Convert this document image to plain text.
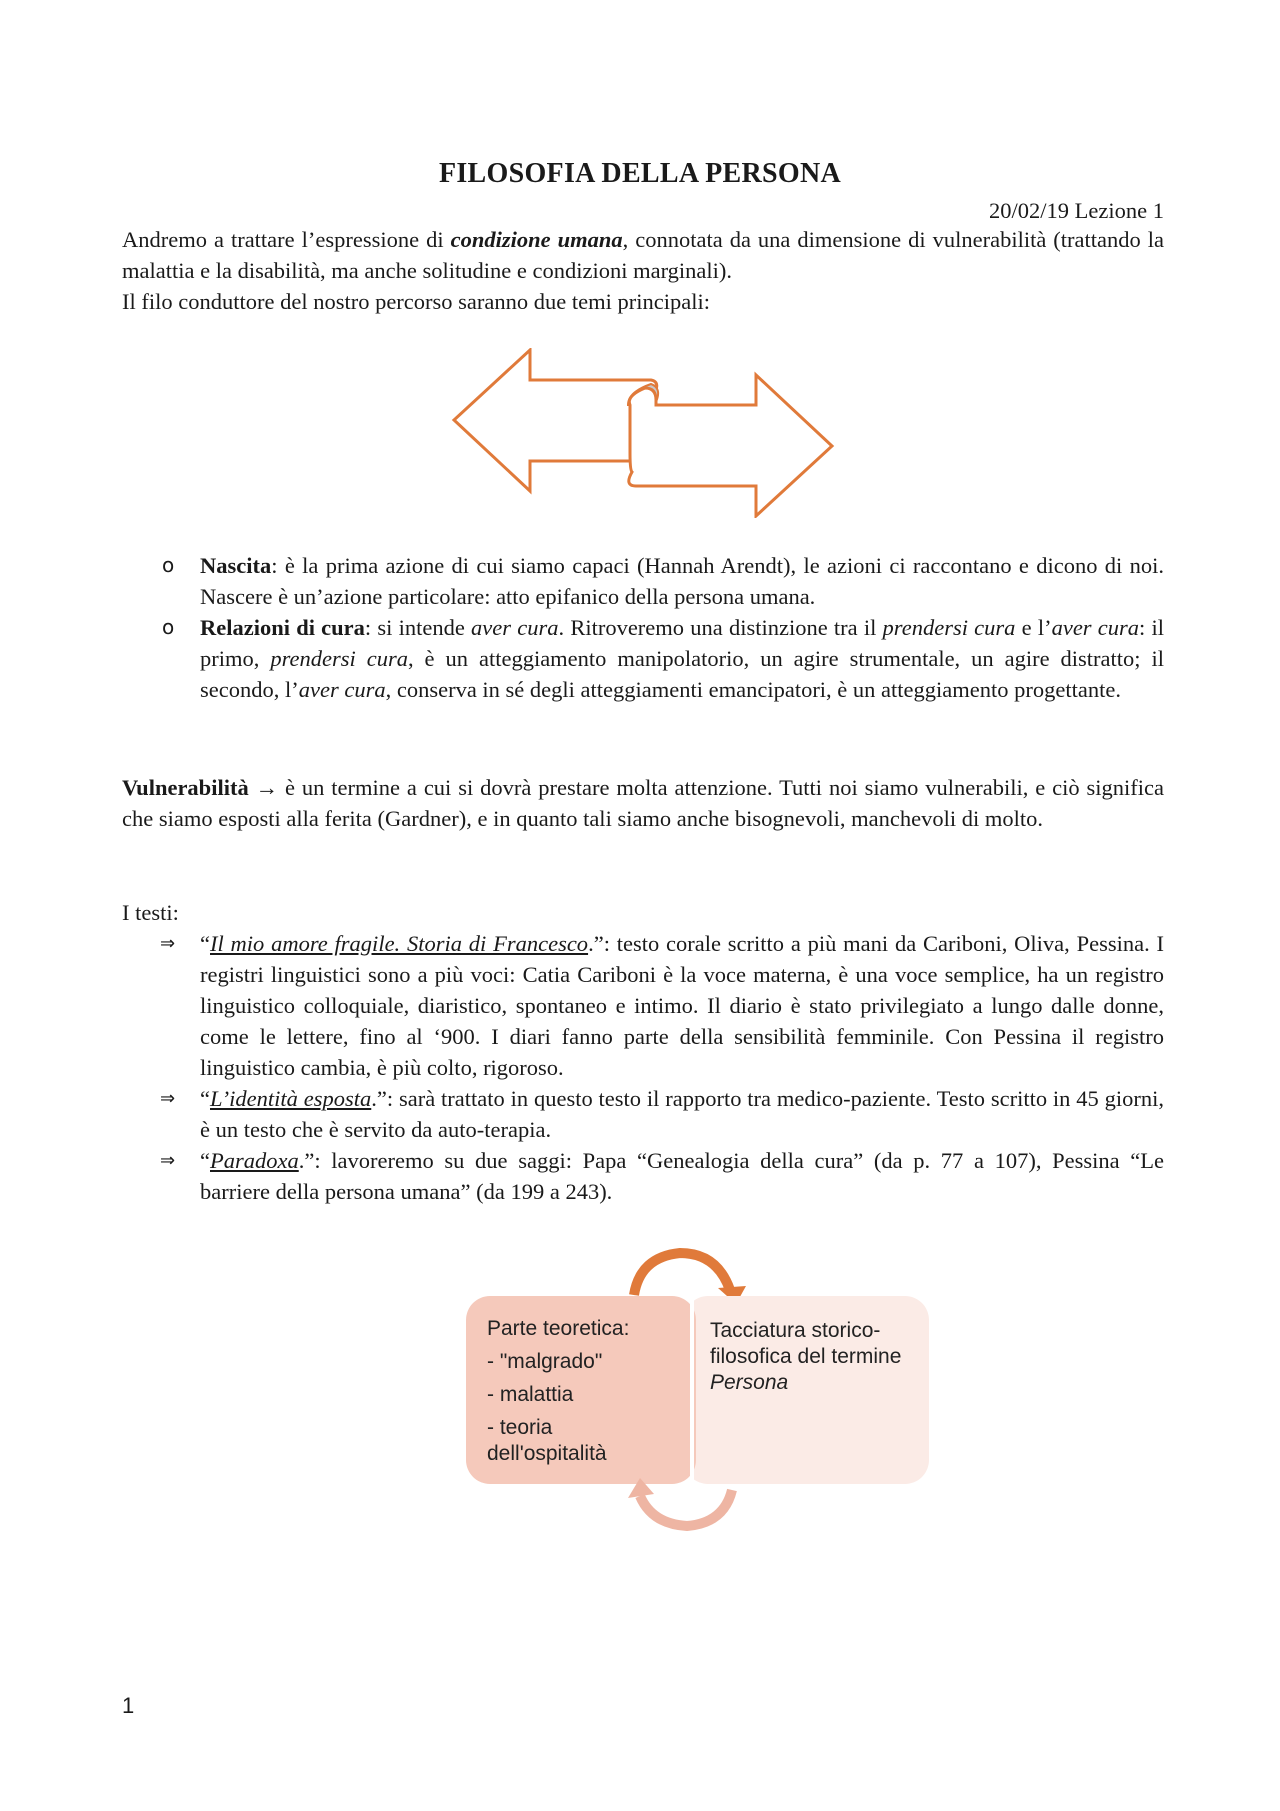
FILOSOFIA DELLA PERSONA
20/02/19 Lezione 1

Andremo a trattare l’espressione di condizione umana, connotata da una dimensione di vulnerabilità (trattando la malattia e la disabilità, ma anche solitudine e condizioni marginali).

Il filo conduttore del nostro percorso saranno due temi principali:

o Nascita: è la prima azione di cui siamo capaci (Hannah Arendt), le azioni ci raccontano e dicono di noi. Nascere è un’azione particolare: atto epifanico della persona umana.
o Relazioni di cura: si intende aver cura. Ritroveremo una distinzione tra il prendersi cura e l’aver cura: il primo, prendersi cura, è un atteggiamento manipolatorio, un agire strumentale, un agire distratto; il secondo, l’aver cura, conserva in sé degli atteggiamenti emancipatori, è un atteggiamento progettante.
Vulnerabilità → è un termine a cui si dovrà prestare molta attenzione. Tutti noi siamo vulnerabili, e ciò significa che siamo esposti alla ferita (Gardner), e in quanto tali siamo anche bisognevoli, manchevoli di molto.

I testi:

⇒ “Il mio amore fragile. Storia di Francesco.”: testo corale scritto a più mani da Cariboni, Oliva, Pessina. I registri linguistici sono a più voci: Catia Cariboni è la voce materna, è una voce semplice, ha un registro linguistico colloquiale, diaristico, spontaneo e intimo. Il diario è stato privilegiato a lungo dalle donne, come le lettere, fino al ‘900. I diari fanno parte della sensibilità femminile. Con Pessina il registro linguistico cambia, è più colto, rigoroso.
⇒ “L’identità esposta.”: sarà trattato in questo testo il rapporto tra medico-paziente. Testo scritto in 45 giorni, è un testo che è servito da auto-terapia.
⇒ “Paradoxa.”: lavoreremo su due saggi: Papa “Genealogia della cura” (da p. 77 a 107), Pessina “Le barriere della persona umana” (da 199 a 243).
Parte teoretica:
- "malgrado"
- malattia
- teoria dell'ospitalità
Tacciatura storico-filosofica del termine
Persona
1
